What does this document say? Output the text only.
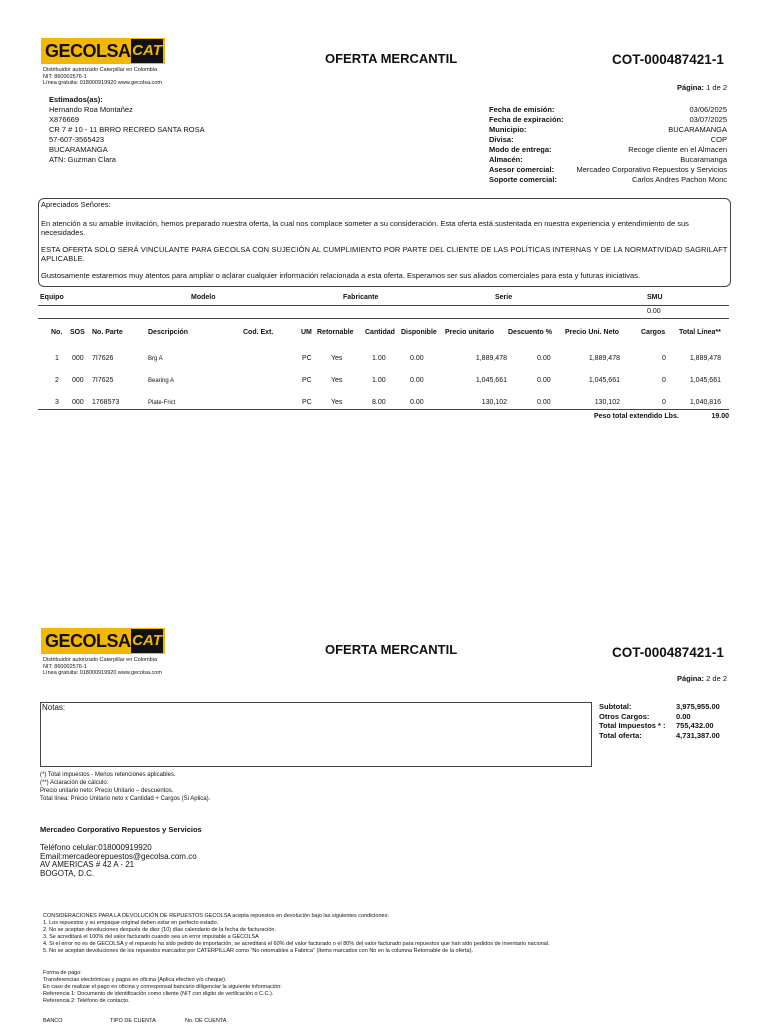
GECOLSA CAT
Distribuidor autorizado Caterpillar en Colombia
NIT: 860002576-1
Línea gratuita: 018000919920 www.gecolsa.com
OFERTA MERCANTIL	COT-000487421-1
Página: 1 de 2
Estimados(as):
Hernando Roa Montañez
X876669
CR 7 # 10 - 11 BRRO RECREO SANTA ROSA
57-607-3565423
BUCARAMANGA
ATN: Guzman Clara
Fecha de emisión:	03/06/2025
Fecha de expiración:	03/07/2025
Municipio:	BUCARAMANGA
Divisa:	COP
Modo de entrega:	Recoge cliente en el Almacen
Almacén:	Bucaramanga
Asesor comercial:	Mercadeo Corporativo Repuestos y Servicios
Soporte comercial:	Carlos Andres Pachon Monc
Apreciados Señores:
En atención a su amable invitación, hemos preparado nuestra oferta, la cual nos complace someter a su consideración. Esta oferta está sustentada en nuestra experiencia y entendimiento de sus necesidades.
ESTA OFERTA SOLO SERÁ VINCULANTE PARA GECOLSA CON SUJECIÓN AL CUMPLIMIENTO POR PARTE DEL CLIENTE DE LAS POLÍTICAS INTERNAS Y DE LA NORMATIVIDAD SAGRILAFT APLICABLE.
Gustosamente estaremos muy atentos para ampliar o aclarar cualquier información relacionada a esta oferta. Esperamos ser sus aliados comerciales para esta y futuras iniciativas.
Equipo	Modelo	Fabricante	Serie	SMU
0.00
No. SOS No. Parte	Descripción	Cod. Ext.	UM Retornable Cantidad Disponible Precio unitario Descuento % Precio Uni. Neto	Cargos Total Línea**
1 000 7I7626	Brg A	PC	Yes	1.00	0.00	1,889,478	0.00	1,889,478	0	1,889,478
2 000 7I7625	Bearing A	PC	Yes	1.00	0.00	1,045,661	0.00	1,045,661	0	1,045,661
3 000 1768573	Plate-Frict	PC	Yes	8.00	0.00	130,102	0.00	130,102	0	1,040,816
Peso total extendido Lbs.	19.00
GECOLSA CAT
Distribuidor autorizado Caterpillar en Colombia
NIT: 860002576-1
Línea gratuita: 018000919920 www.gecolsa.com
OFERTA MERCANTIL	COT-000487421-1
Página: 2 de 2
Notas:	Subtotal:	3,975,955.00
Otros Cargos:	0.00
Total Impuestos * :	755,432.00
Total oferta:	4,731,387.00
(*) Total impuestos - Menos retenciones aplicables.
(**) Aclaración de cálculo:
Precio unitario neto: Precio Unitario – descuentos.
Total línea: Precio Unitario neto x Cantidad + Cargos (Si Aplica).
Mercadeo Corporativo Repuestos y Servicios
Teléfono celular:018000919920
Email:mercadeorepuestos@gecolsa.com.co
AV AMERICAS # 42 A - 21
BOGOTA, D.C.
CONSIDERACIONES PARA LA DEVOLUCIÓN DE REPUESTOS GECOLSA acepta repuestos en devolución bajo las siguientes condiciones:
1. Los repuestos y su empaque original deben estar en perfecto estado.
2. No se aceptan devoluciones después de diez (10) días calendario de la fecha de facturación.
3. Se acreditará el 100% del valor facturado cuando sea un error imputable a GECOLSA
4. Si el error no es de GECOLSA y el repuesto ha sido pedido de importación, se acreditará el 60% del valor facturado o el 80% del valor facturado para repuestos que han sido pedidos de inventario nacional.
5. No se aceptan devoluciones de los repuestos marcados por CATERPILLAR como "No retornables a Fabrica" (ítems marcados con No en la columna Retornable de la oferta).
Forma de pago:
Transferencias electrónicas y pagos en oficina (Aplica efectivo y/o cheque).
En caso de realizar el pago en oficina y corresponsal bancario diligenciar la siguiente información:
Referencia 1: Documento de identificación como cliente (NIT con dígito de verificación o C.C.).
Referencia 2: Teléfono de contacto.
BANCO	TIPO DE CUENTA	No. DE CUENTA
